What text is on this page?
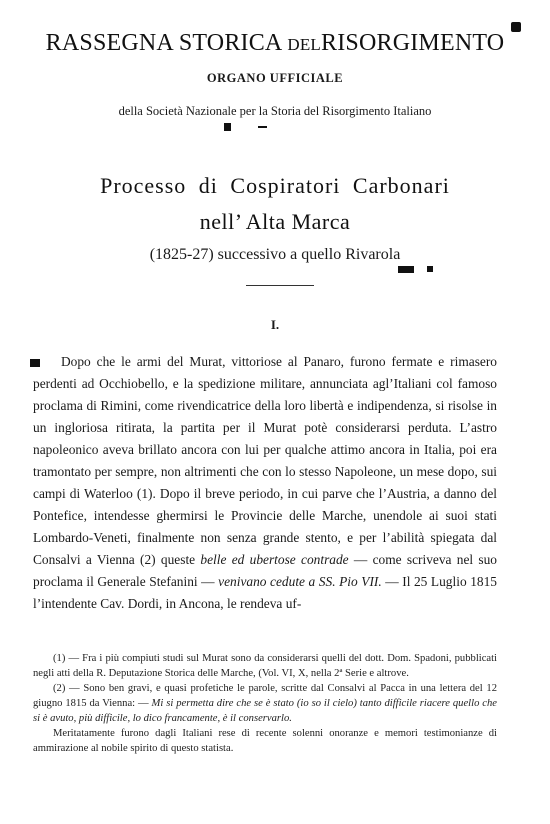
RASSEGNA STORICA DELRISORGIMENTO
ORGANO UFFICIALE
della Società Nazionale per la Storia del Risorgimento Italiano
Processo di Cospiratori Carbonari
nell’ Alta Marca
(1825-27) successivo a quello Rivarola
I.

Dopo che le armi del Murat, vittoriose al Panaro, furono fermate e rimasero perdenti ad Occhiobello, e la spedizione militare, annunciata agl’Italiani col famoso proclama di Rimini, come rivendicatrice della loro libertà e indipendenza, si risolse in un ingloriosa ritirata, la partita per il Murat potè considerarsi perduta. L’astro napoleonico aveva brillato ancora con lui per qualche attimo ancora in Italia, poi era tramontato per sempre, non altrimenti che con lo stesso Napoleone, un mese dopo, sui campi di Waterloo (1). Dopo il breve periodo, in cui parve che l’Austria, a danno del Pontefice, intendesse ghermirsi le Provincie delle Marche, unendole ai suoi stati Lombardo-Veneti, finalmente non senza grande stento, e per l’abilità spiegata dal Consalvi a Vienna (2) queste belle ed ubertose contrade — come scriveva nel suo proclama il Generale Stefanini — venivano cedute a SS. Pio VII. — Il 25 Luglio 1815 l’intendente Cav. Dordi, in Ancona, le rendeva uf-

(1) — Fra i più compiuti studi sul Murat sono da considerarsi quelli del dott. Dom. Spadoni, pubblicati negli atti della R. Deputazione Storica delle Marche, (Vol. VI, X, nella 2ª Serie e altrove.

(2) — Sono ben gravi, e quasi profetiche le parole, scritte dal Consalvi al Pacca in una lettera del 12 giugno 1815 da Vienna: — Mi si permetta dire che se è stato (io so il cielo) tanto difficile riacere quello che si è avuto, più difficile, lo dico francamente, è il conservarlo.

Meritatamente furono dagli Italiani rese di recente solenni onoranze e memori testimonianze di ammirazione al nobile spirito di questo statista.
